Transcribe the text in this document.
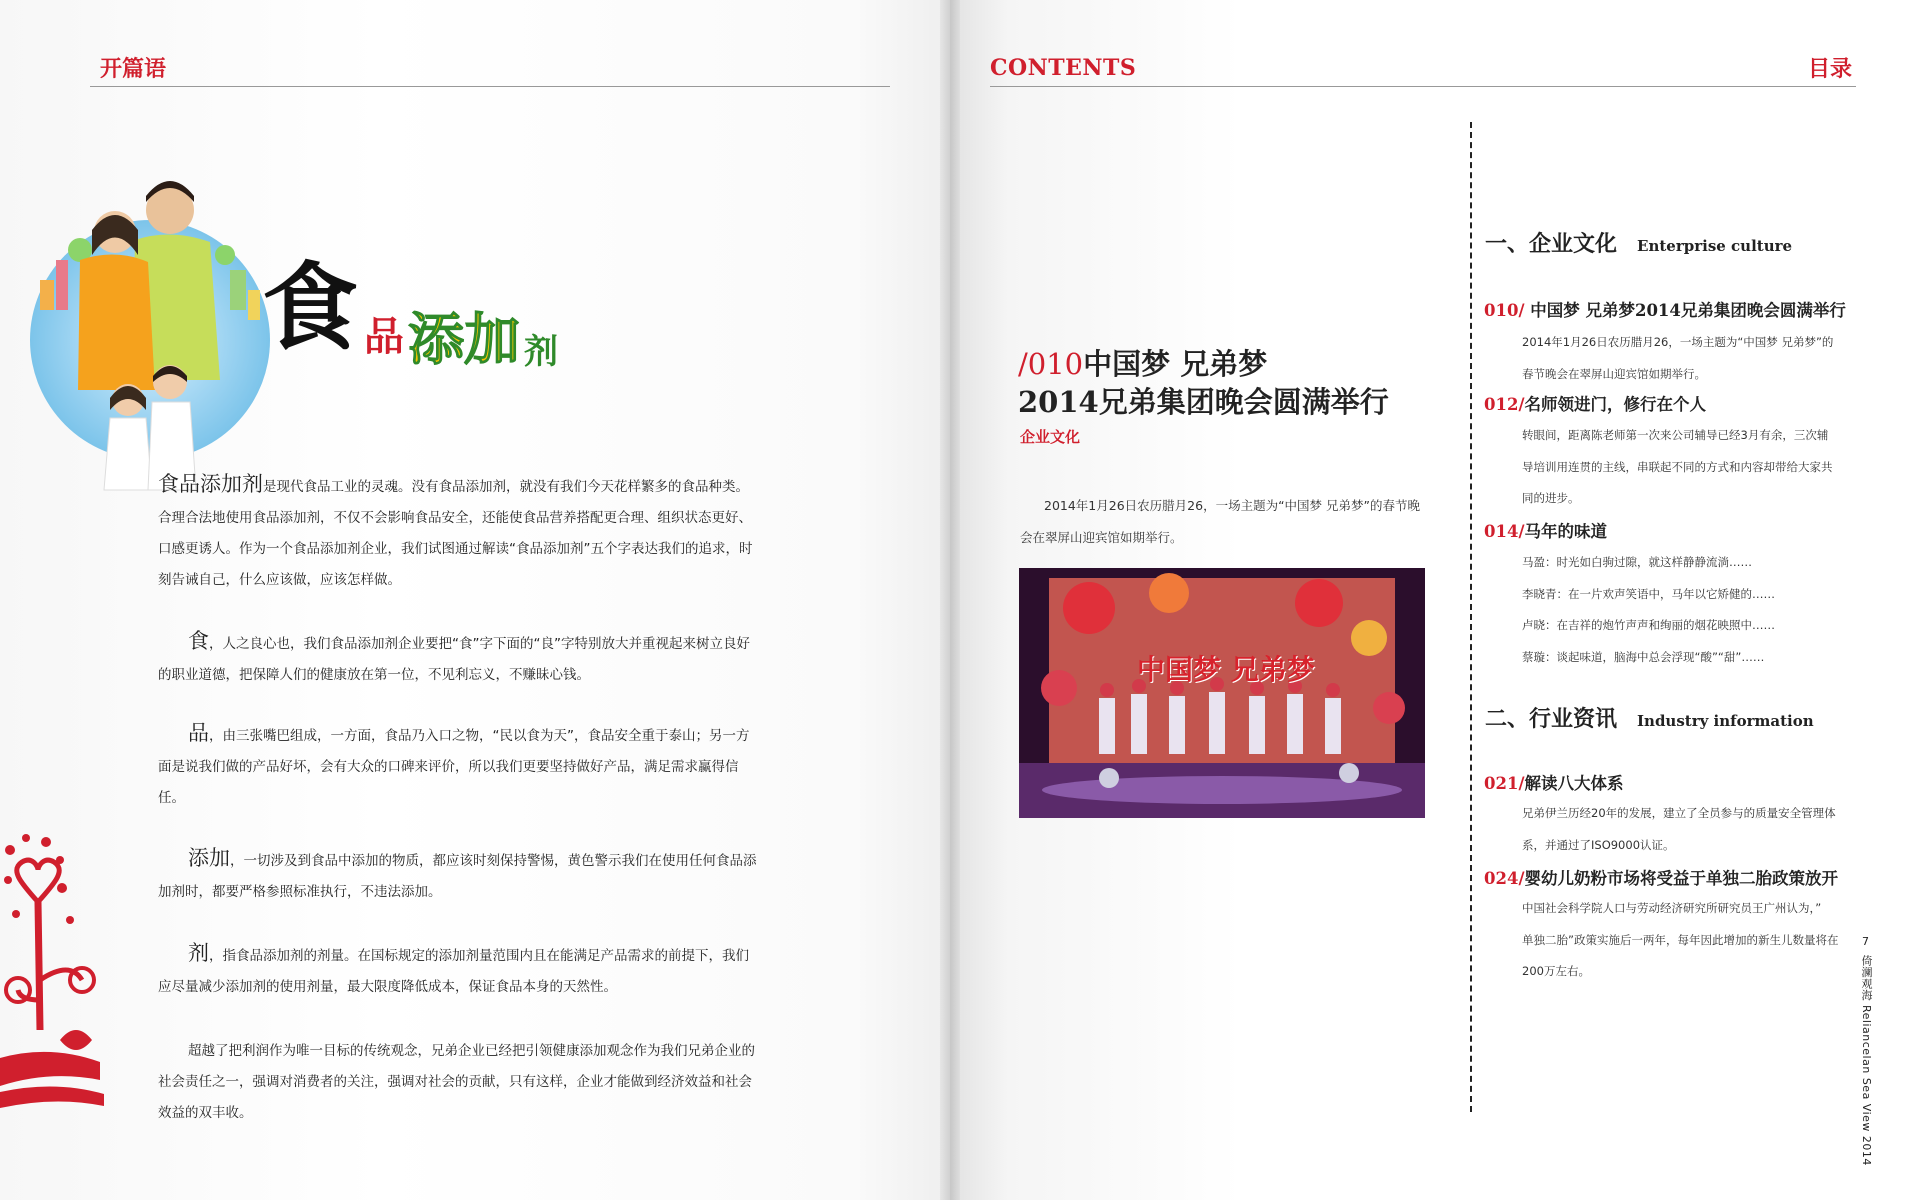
开篇语
食 品 添加 剂

食品添加剂是现代食品工业的灵魂。没有食品添加剂，就没有我们今天花样繁多的食品种类。合理合法地使用食品添加剂，不仅不会影响食品安全，还能使食品营养搭配更合理、组织状态更好、口感更诱人。作为一个食品添加剂企业，我们试图通过解读“食品添加剂”五个字表达我们的追求，时刻告诫自己，什么应该做，应该怎样做。

食，人之良心也，我们食品添加剂企业要把“食”字下面的“良”字特别放大并重视起来树立良好的职业道德，把保障人们的健康放在第一位，不见利忘义，不赚昧心钱。

品，由三张嘴巴组成，一方面，食品乃入口之物，“民以食为天”，食品安全重于泰山；另一方面是说我们做的产品好坏，会有大众的口碑来评价，所以我们更要坚持做好产品，满足需求赢得信任。

添加，一切涉及到食品中添加的物质，都应该时刻保持警惕，黄色警示我们在使用任何食品添加剂时，都要严格参照标准执行，不违法添加。

剂，指食品添加剂的剂量。在国标规定的添加剂量范围内且在能满足产品需求的前提下，我们应尽量减少添加剂的使用剂量，最大限度降低成本，保证食品本身的天然性。

超越了把利润作为唯一目标的传统观念，兄弟企业已经把引领健康添加观念作为我们兄弟企业的社会责任之一，强调对消费者的关注，强调对社会的贡献，只有这样，企业才能做到经济效益和社会效益的双丰收。

CONTENTS	目录
/010中国梦 兄弟梦
2014兄弟集团晚会圆满举行
企业文化
2014年1月26日农历腊月26，一场主题为“中国梦 兄弟梦”的春节晚会在翠屏山迎宾馆如期举行。
中国梦 兄弟梦
一、企业文化 Enterprise culture
010/ 中国梦 兄弟梦2014兄弟集团晚会圆满举行

2014年1月26日农历腊月26，一场主题为“中国梦 兄弟梦”的

春节晚会在翠屏山迎宾馆如期举行。

012/名师领进门，修行在个人

转眼间，距离陈老师第一次来公司辅导已经3月有余，三次辅

导培训用连贯的主线，串联起不同的方式和内容却带给大家共

同的进步。

014/马年的味道

马盈：时光如白驹过隙，就这样静静流淌……

李晓青：在一片欢声笑语中，马年以它矫健的……

卢晓：在吉祥的炮竹声声和绚丽的烟花映照中……

蔡璇：谈起味道，脑海中总会浮现“酸”“甜”……

二、行业资讯 Industry information
021/解读八大体系

兄弟伊兰历经20年的发展，建立了全员参与的质量安全管理体

系，并通过了ISO9000认证。

024/婴幼儿奶粉市场将受益于单独二胎政策放开

中国社会科学院人口与劳动经济研究所研究员王广州认为，”

单独二胎”政策实施后一两年，每年因此增加的新生儿数量将在

200万左右。

7
倚澜观海 Reliancelan Sea View 2014
